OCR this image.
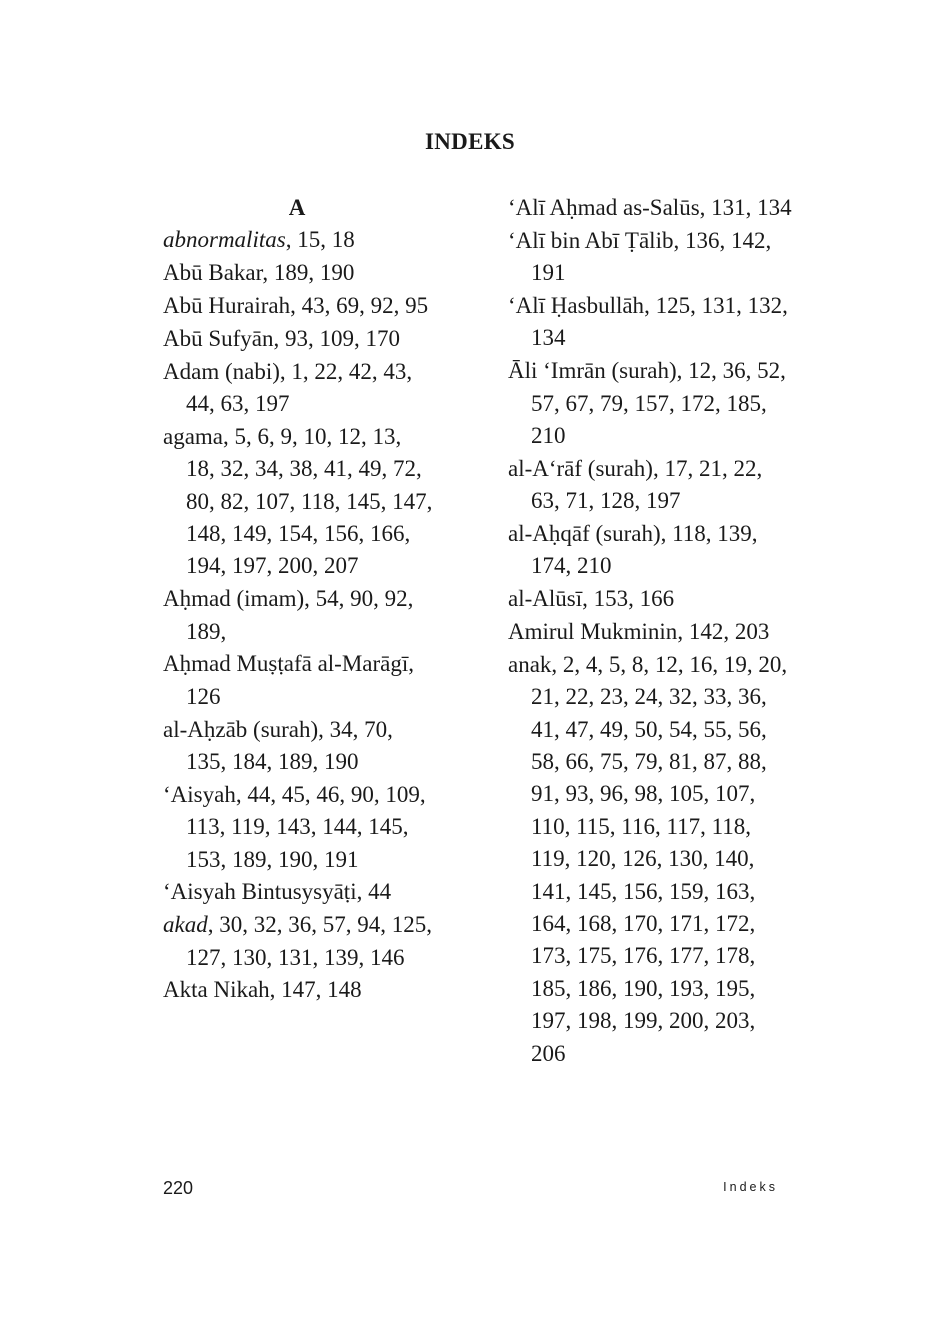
INDEKS
A
abnormalitas, 15, 18
Abū Bakar, 189, 190
Abū Hurairah, 43, 69, 92, 95
Abū Sufyān, 93, 109, 170
Adam (nabi), 1, 22, 42, 43, 44, 63, 197
agama, 5, 6, 9, 10, 12, 13, 18, 32, 34, 38, 41, 49, 72, 80, 82, 107, 118, 145, 147, 148, 149, 154, 156, 166, 194, 197, 200, 207
Aḥmad (imam), 54, 90, 92, 189,
Aḥmad Muṣṭafā al-Marāgī, 126
al-Aḥzāb (surah), 34, 70, 135, 184, 189, 190
‘Aisyah, 44, 45, 46, 90, 109, 113, 119, 143, 144, 145, 153, 189, 190, 191
‘Aisyah Bintusysyāṭi, 44
akad, 30, 32, 36, 57, 94, 125, 127, 130, 131, 139, 146
Akta Nikah, 147, 148
‘Alī Aḥmad as-Salūs, 131, 134
‘Alī bin Abī Ṭālib, 136, 142, 191
‘Alī Ḥasbullāh, 125, 131, 132, 134
Āli ‘Imrān (surah), 12, 36, 52, 57, 67, 79, 157, 172, 185, 210
al-A‘rāf (surah), 17, 21, 22, 63, 71, 128, 197
al-Aḥqāf (surah), 118, 139, 174, 210
al-Alūsī, 153, 166
Amirul Mukminin, 142, 203
anak, 2, 4, 5, 8, 12, 16, 19, 20, 21, 22, 23, 24, 32, 33, 36, 41, 47, 49, 50, 54, 55, 56, 58, 66, 75, 79, 81, 87, 88, 91, 93, 96, 98, 105, 107, 110, 115, 116, 117, 118, 119, 120, 126, 130, 140, 141, 145, 156, 159, 163, 164, 168, 170, 171, 172, 173, 175, 176, 177, 178, 185, 186, 190, 193, 195, 197, 198, 199, 200, 203, 206
220	Indeks
